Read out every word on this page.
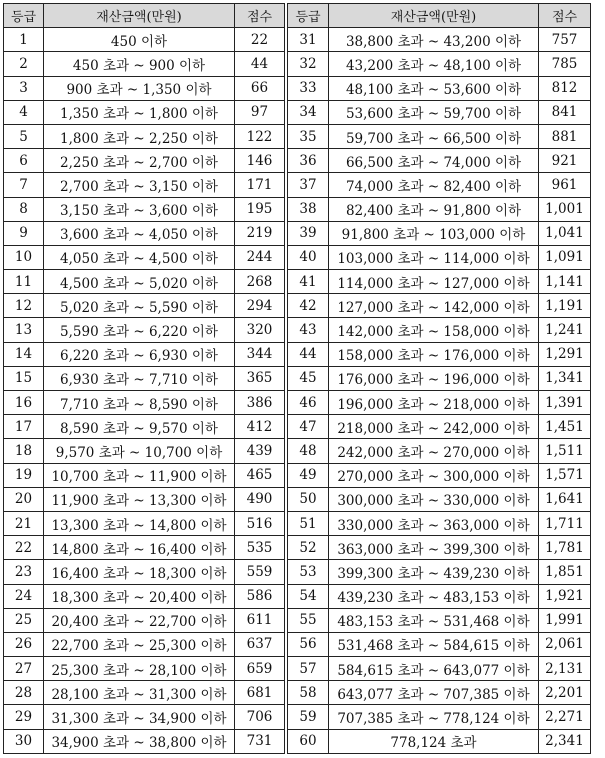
등급	재산금액(만원)	점수		등급	재산금액(만원)	점수
1	450 이하	22		31	38,800 초과 ~ 43,200 이하	757
2	450 초과 ~ 900 이하	44		32	43,200 초과 ~ 48,100 이하	785
3	900 초과 ~ 1,350 이하	66		33	48,100 초과 ~ 53,600 이하	812
4	1,350 초과 ~ 1,800 이하	97		34	53,600 초과 ~ 59,700 이하	841
5	1,800 초과 ~ 2,250 이하	122		35	59,700 초과 ~ 66,500 이하	881
6	2,250 초과 ~ 2,700 이하	146		36	66,500 초과 ~ 74,000 이하	921
7	2,700 초과 ~ 3,150 이하	171		37	74,000 초과 ~ 82,400 이하	961
8	3,150 초과 ~ 3,600 이하	195		38	82,400 초과 ~ 91,800 이하	1,001
9	3,600 초과 ~ 4,050 이하	219		39	91,800 초과 ~ 103,000 이하	1,041
10	4,050 초과 ~ 4,500 이하	244		40	103,000 초과 ~ 114,000 이하	1,091
11	4,500 초과 ~ 5,020 이하	268		41	114,000 초과 ~ 127,000 이하	1,141
12	5,020 초과 ~ 5,590 이하	294		42	127,000 초과 ~ 142,000 이하	1,191
13	5,590 초과 ~ 6,220 이하	320		43	142,000 초과 ~ 158,000 이하	1,241
14	6,220 초과 ~ 6,930 이하	344		44	158,000 초과 ~ 176,000 이하	1,291
15	6,930 초과 ~ 7,710 이하	365		45	176,000 초과 ~ 196,000 이하	1,341
16	7,710 초과 ~ 8,590 이하	386		46	196,000 초과 ~ 218,000 이하	1,391
17	8,590 초과 ~ 9,570 이하	412		47	218,000 초과 ~ 242,000 이하	1,451
18	9,570 초과 ~ 10,700 이하	439		48	242,000 초과 ~ 270,000 이하	1,511
19	10,700 초과 ~ 11,900 이하	465		49	270,000 초과 ~ 300,000 이하	1,571
20	11,900 초과 ~ 13,300 이하	490		50	300,000 초과 ~ 330,000 이하	1,641
21	13,300 초과 ~ 14,800 이하	516		51	330,000 초과 ~ 363,000 이하	1,711
22	14,800 초과 ~ 16,400 이하	535		52	363,000 초과 ~ 399,300 이하	1,781
23	16,400 초과 ~ 18,300 이하	559		53	399,300 초과 ~ 439,230 이하	1,851
24	18,300 초과 ~ 20,400 이하	586		54	439,230 초과 ~ 483,153 이하	1,921
25	20,400 초과 ~ 22,700 이하	611		55	483,153 초과 ~ 531,468 이하	1,991
26	22,700 초과 ~ 25,300 이하	637		56	531,468 초과 ~ 584,615 이하	2,061
27	25,300 초과 ~ 28,100 이하	659		57	584,615 초과 ~ 643,077 이하	2,131
28	28,100 초과 ~ 31,300 이하	681		58	643,077 초과 ~ 707,385 이하	2,201
29	31,300 초과 ~ 34,900 이하	706		59	707,385 초과 ~ 778,124 이하	2,271
30	34,900 초과 ~ 38,800 이하	731		60	778,124 초과	2,341
